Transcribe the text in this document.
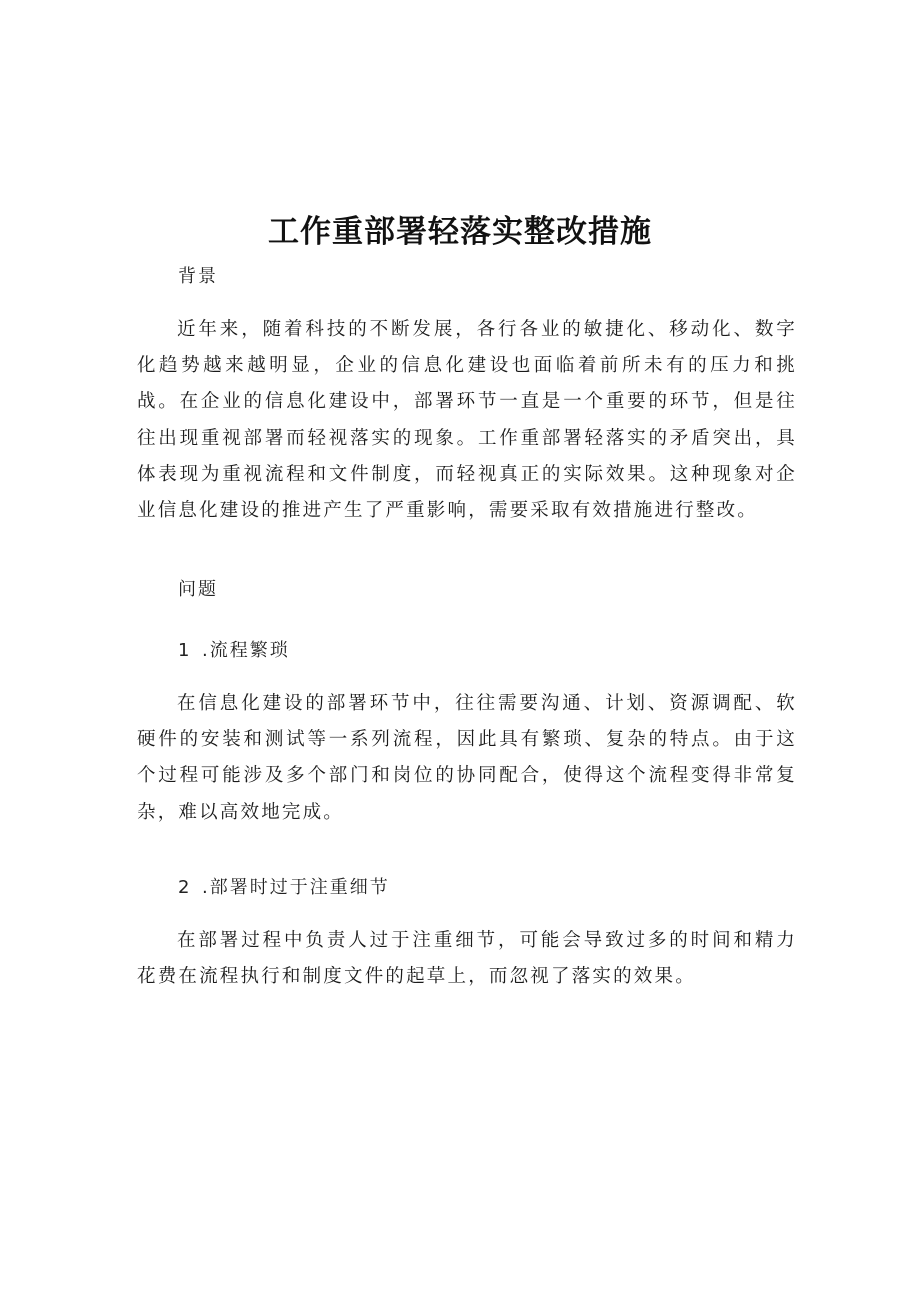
工作重部署轻落实整改措施
背景

近年来，随着科技的不断发展，各行各业的敏捷化、移动化、数字化趋势越来越明显，企业的信息化建设也面临着前所未有的压力和挑战。在企业的信息化建设中，部署环节一直是一个重要的环节，但是往往出现重视部署而轻视落实的现象。工作重部署轻落实的矛盾突出，具体表现为重视流程和文件制度，而轻视真正的实际效果。这种现象对企业信息化建设的推进产生了严重影响，需要采取有效措施进行整改。

问题
1 .流程繁琐

在信息化建设的部署环节中，往往需要沟通、计划、资源调配、软硬件的安装和测试等一系列流程，因此具有繁琐、复杂的特点。由于这个过程可能涉及多个部门和岗位的协同配合，使得这个流程变得非常复杂，难以高效地完成。

2 .部署时过于注重细节

在部署过程中负责人过于注重细节，可能会导致过多的时间和精力花费在流程执行和制度文件的起草上，而忽视了落实的效果。
